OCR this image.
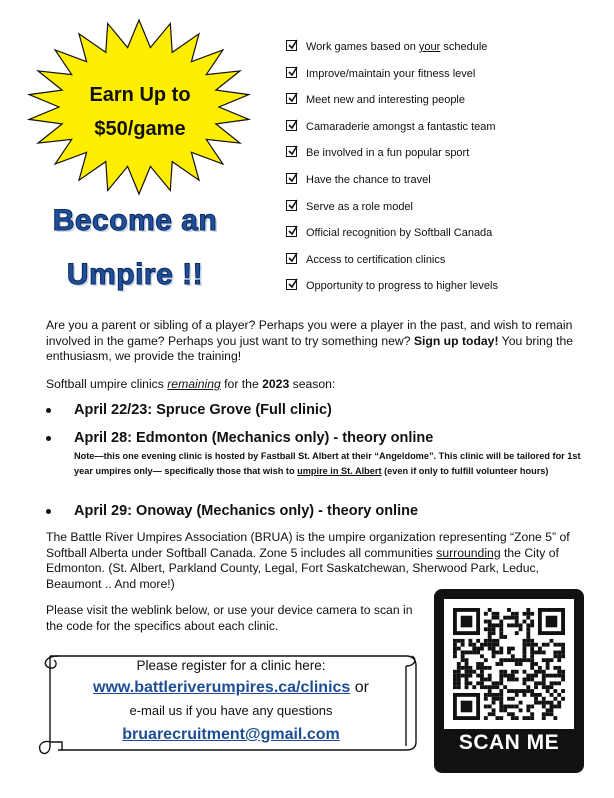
Earn Up to
$50/game
Become an
Umpire !!
Work games based on your schedule
Improve/maintain your fitness level
Meet new and interesting people
Camaraderie amongst a fantastic team
Be involved in a fun popular sport
Have the chance to travel
Serve as a role model
Official recognition by Softball Canada
Access to certification clinics
Opportunity to progress to higher levels

Are you a parent or sibling of a player? Perhaps you were a player in the past, and wish to remain involved in the game? Perhaps you just want to try something new? Sign up today! You bring the enthusiasm, we provide the training!

Softball umpire clinics remaining for the 2023 season:

April 22/23: Spruce Grove (Full clinic)
April 28: Edmonton (Mechanics only) - theory online

Note—this one evening clinic is hosted by Fastball St. Albert at their “Angeldome”. This clinic will be tailored for 1st year umpires only— specifically those that wish to umpire in St. Albert (even if only to fulfill volunteer hours)

April 29: Onoway (Mechanics only) - theory online

The Battle River Umpires Association (BRUA) is the umpire organization representing “Zone 5” of Softball Alberta under Softball Canada. Zone 5 includes all communities surrounding the City of Edmonton. (St. Albert, Parkland County, Legal, Fort Saskatchewan, Sherwood Park, Leduc, Beaumont .. And more!)

Please visit the weblink below, or use your device camera to scan in the code for the specifics about each clinic.

Please register for a clinic here:

www.battleriverumpires.ca/clinics or

e-mail us if you have any questions

bruarecruitment@gmail.com	SCAN ME
